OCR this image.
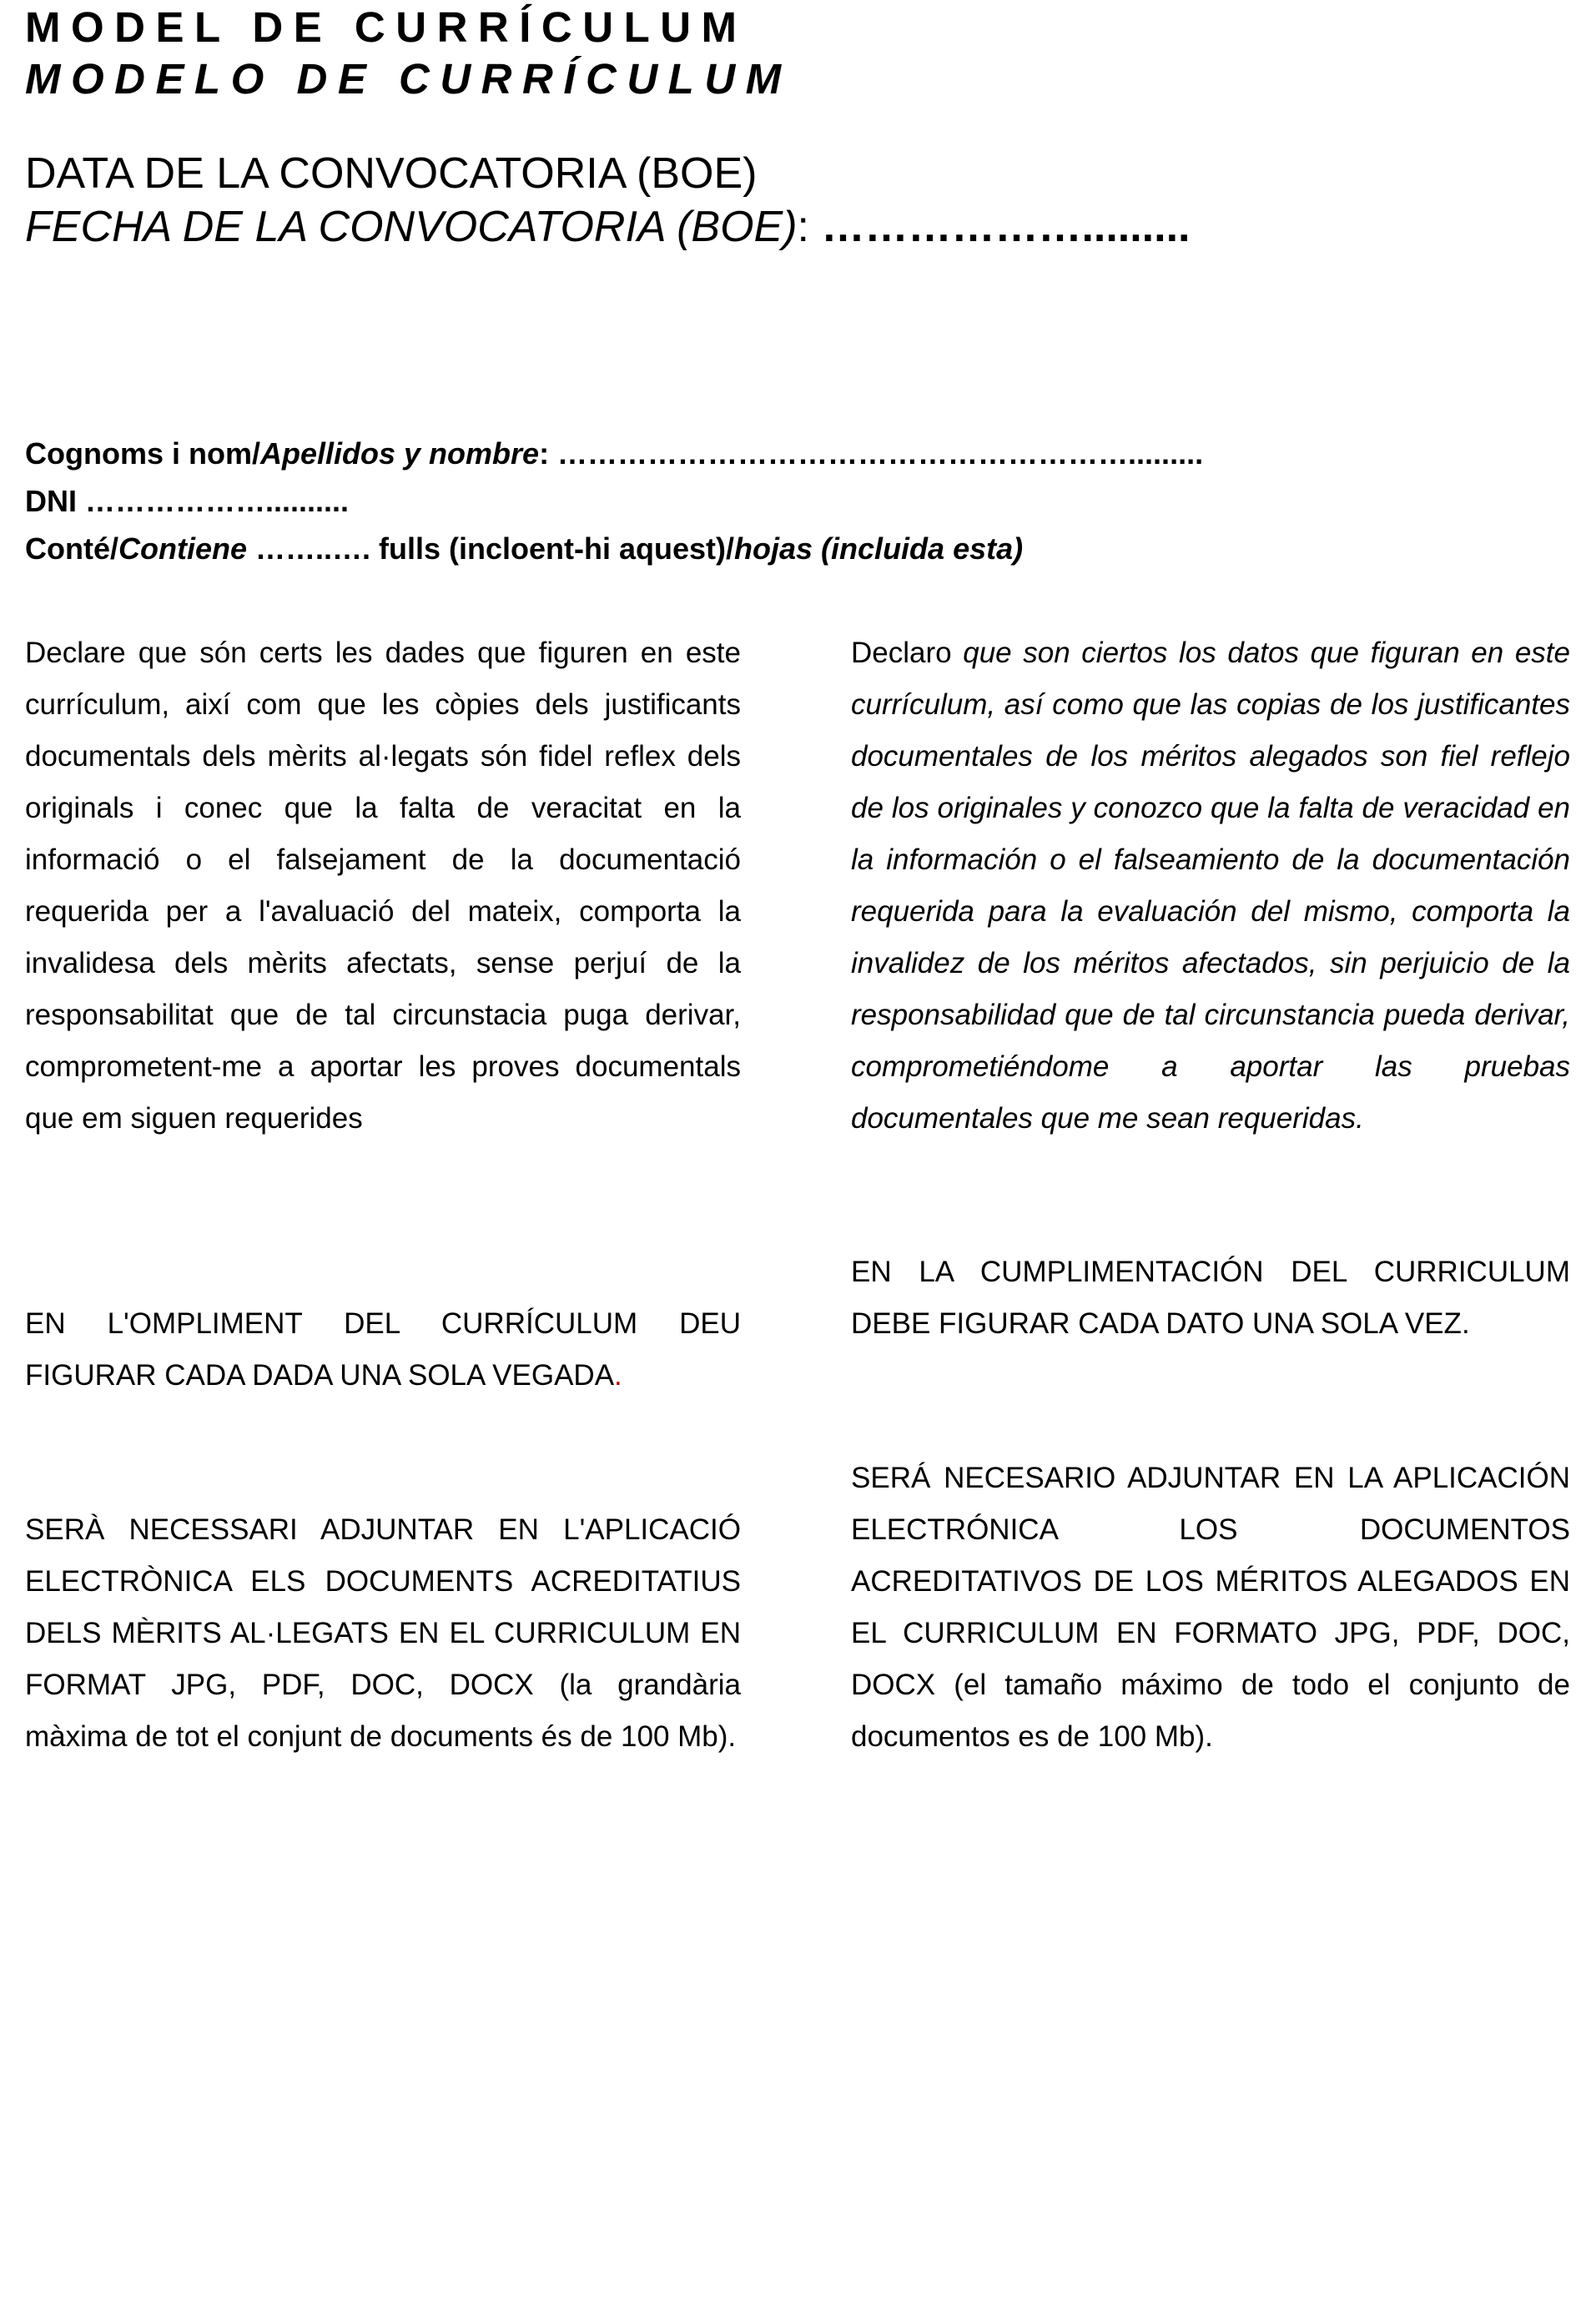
MODEL DE CURRÍCULUM
MODELO DE CURRÍCULUM
DATA DE LA CONVOCATORIA (BOE)
FECHA DE LA CONVOCATORIA (BOE): ……………….........
Cognoms i nom/Apellidos y nombre: ………………………………………………….........
DNI ………………..........
Conté/Contiene ……..…. fulls (incloent-hi aquest)/hojas (incluida esta)
Declare que són certs les dades que figuren en este currículum, així com que les còpies dels justificants documentals dels mèrits al·legats són fidel reflex dels originals i conec que la falta de veracitat en la informació o el falsejament de la documentació requerida per a l'avaluació del mateix, comporta la invalidesa dels mèrits afectats, sense perjuí de la responsabilitat que de tal circunstacia puga derivar, comprometent-me a aportar les proves documentals que em siguen requerides
Declaro que son ciertos los datos que figuran en este currículum, así como que las copias de los justificantes documentales de los méritos alegados son fiel reflejo de los originales y conozco que la falta de veracidad en la información o el falseamiento de la documentación requerida para la evaluación del mismo, comporta la invalidez de los méritos afectados, sin perjuicio de la responsabilidad que de tal circunstancia pueda derivar, comprometiéndome a aportar las pruebas documentales que me sean requeridas.
EN L'OMPLIMENT DEL CURRÍCULUM DEU FIGURAR CADA DADA UNA SOLA VEGADA.
EN LA CUMPLIMENTACIÓN DEL CURRICULUM DEBE FIGURAR CADA DATO UNA SOLA VEZ.
SERÀ NECESSARI ADJUNTAR EN L'APLICACIÓ ELECTRÒNICA ELS DOCUMENTS ACREDITATIUS DELS MÈRITS AL·LEGATS EN EL CURRICULUM EN FORMAT JPG, PDF, DOC, DOCX (la grandària màxima de tot el conjunt de documents és de 100 Mb).
SERÁ NECESARIO ADJUNTAR EN LA APLICACIÓN ELECTRÓNICA LOS DOCUMENTOS ACREDITATIVOS DE LOS MÉRITOS ALEGADOS EN EL CURRICULUM EN FORMATO JPG, PDF, DOC, DOCX (el tamaño máximo de todo el conjunto de documentos es de 100 Mb).
